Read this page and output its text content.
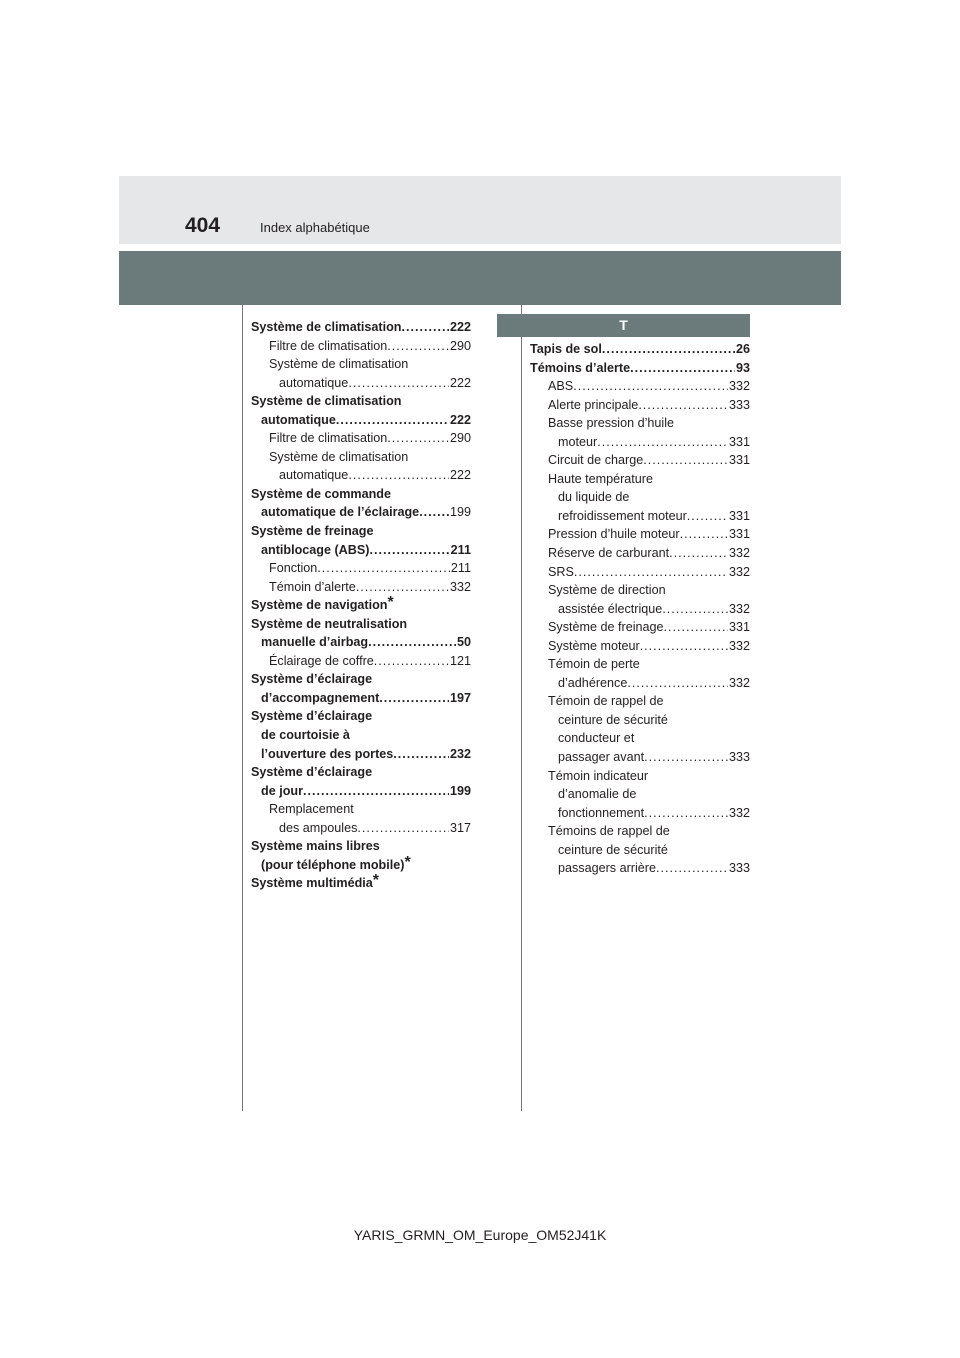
404	Index alphabétique
T
Système de climatisation .....	222
Filtre de climatisation .....	290
Système de climatisation
automatique .....	222
Système de climatisation
automatique .....	222
Filtre de climatisation .....	290
Système de climatisation
automatique .....	222
Système de commande
automatique de l’éclairage ..... 199
Système de freinage
antiblocage (ABS) .....	211
Fonction .....	211
Témoin d’alerte .....	332
Système de navigation*
Système de neutralisation
manuelle d’airbag .....	50
Éclairage de coffre .....	121
Système d’éclairage
d’accompagnement .....	197
Système d’éclairage
de courtoisie à
l’ouverture des portes .....	232
Système d’éclairage
de jour .....	199
Remplacement
des ampoules .....	317
Système mains libres
(pour téléphone mobile)*
Système multimédia*
Tapis de sol .....	26
Témoins d’alerte .....	93
ABS .....	332
Alerte principale .....	333
Basse pression d’huile
moteur .....	331
Circuit de charge .....	331
Haute température
du liquide de
refroidissement moteur .....	331
Pression d’huile moteur .....	331
Réserve de carburant .....	332
SRS .....	332
Système de direction
assistée électrique .....	332
Système de freinage .....	331
Système moteur .....	332
Témoin de perte
d’adhérence .....	332
Témoin de rappel de
ceinture de sécurité
conducteur et
passager avant .....	333
Témoin indicateur
d’anomalie de
fonctionnement .....	332
Témoins de rappel de
ceinture de sécurité
passagers arrière .....	333
YARIS_GRMN_OM_Europe_OM52J41K
